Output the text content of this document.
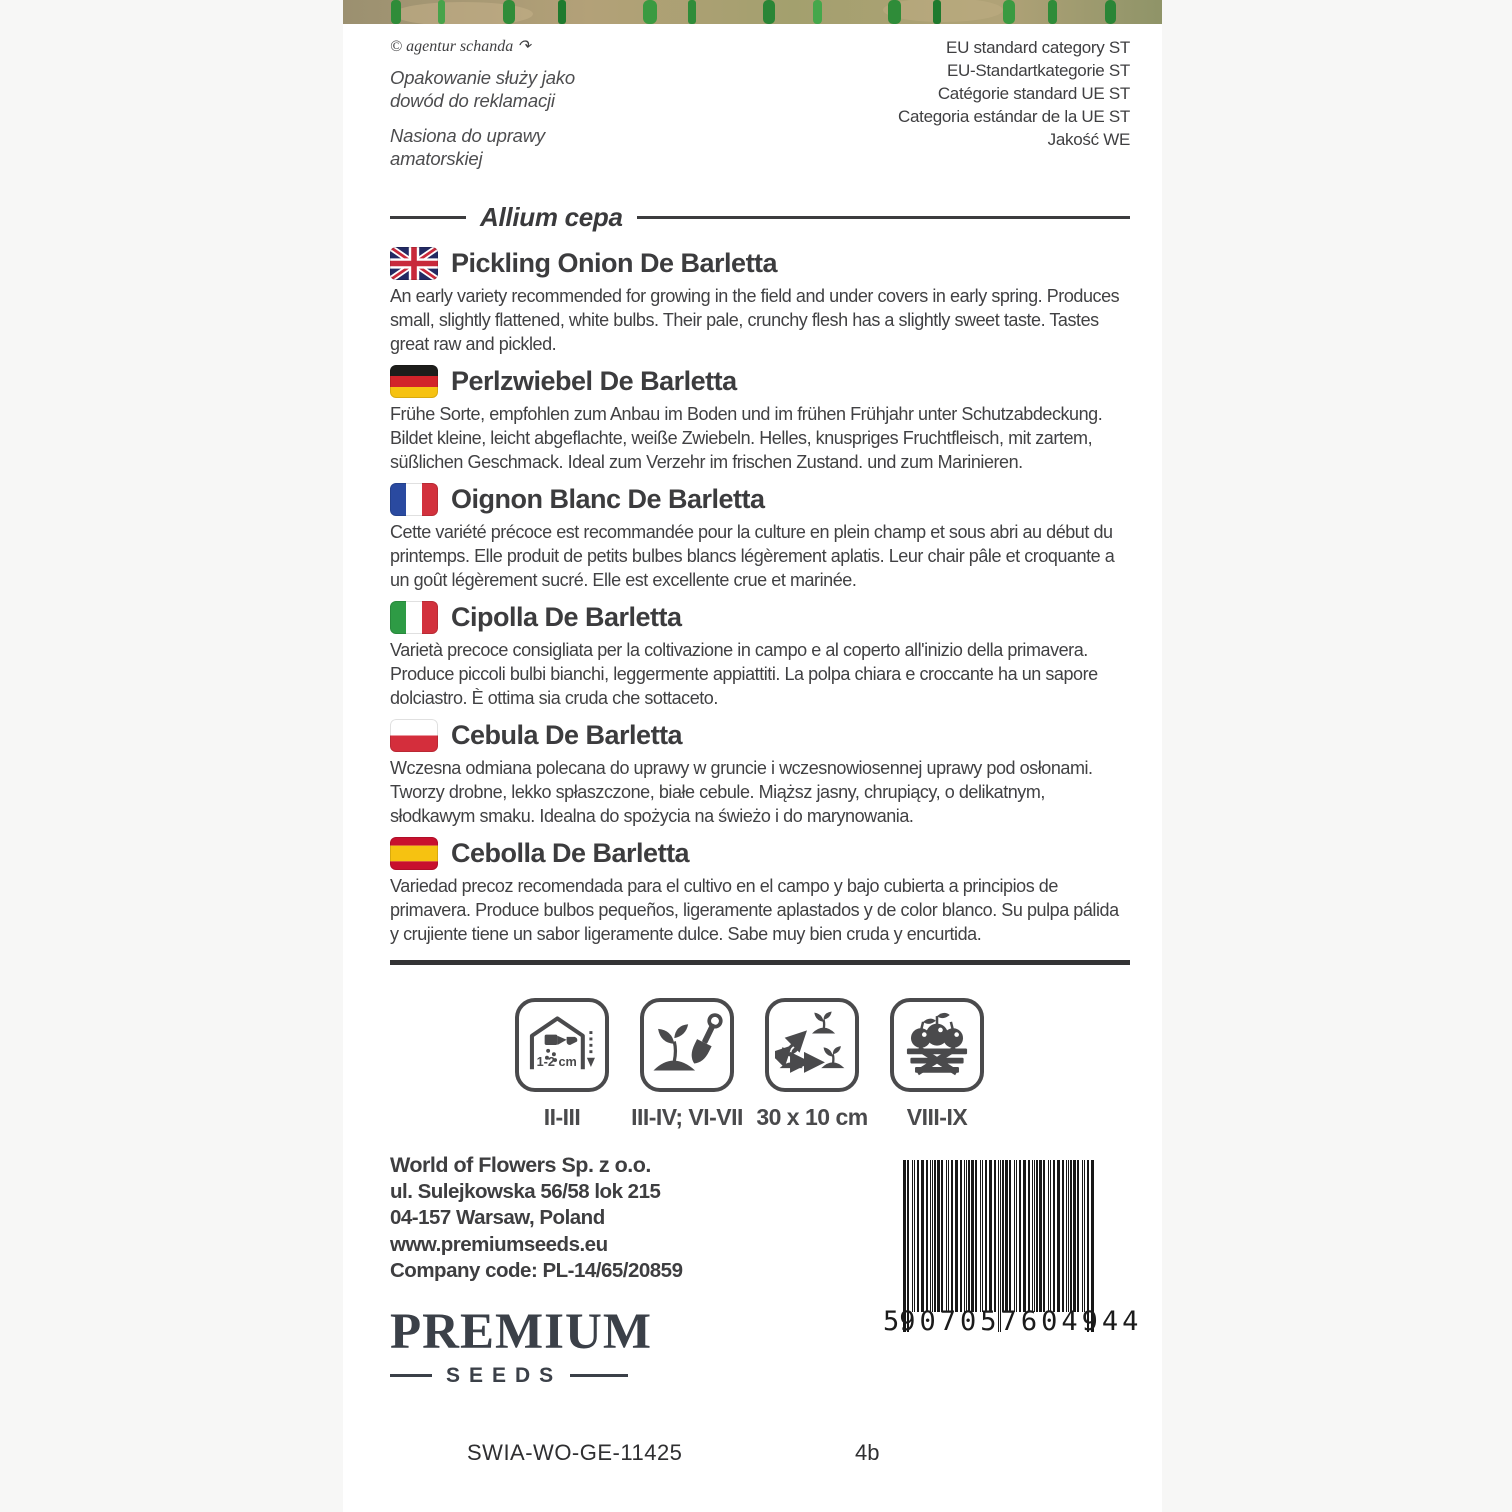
© agentur schanda ↷
Opakowanie służy jako dowód do reklamacji
Nasiona do uprawy amatorskiej
EU standard category ST
EU-Standartkategorie ST
Catégorie standard UE ST
Categoria estándar de la UE ST
Jakość WE
Allium cepa
Pickling Onion De Barletta

An early variety recommended for growing in the field and under covers in early spring. Produces small, slightly flattened, white bulbs. Their pale, crunchy flesh has a slightly sweet taste. Tastes great raw and pickled.

Perlzwiebel De Barletta

Frühe Sorte, empfohlen zum Anbau im Boden und im frühen Frühjahr unter Schutzabdeckung. Bildet kleine, leicht abgeflachte, weiße Zwiebeln. Helles, knuspriges Fruchtfleisch, mit zartem, süßlichen Geschmack. Ideal zum Verzehr im frischen Zustand. und zum Marinieren.

Oignon Blanc De Barletta

Cette variété précoce est recommandée pour la culture en plein champ et sous abri au début du printemps. Elle produit de petits bulbes blancs légèrement aplatis. Leur chair pâle et croquante a un goût légèrement sucré. Elle est excellente crue et marinée.

Cipolla De Barletta

Varietà precoce consigliata per la coltivazione in campo e al coperto all'inizio della primavera. Produce piccoli bulbi bianchi, leggermente appiattiti. La polpa chiara e croccante ha un sapore dolciastro. È ottima sia cruda che sottaceto.

Cebula De Barletta

Wczesna odmiana polecana do uprawy w gruncie i wczesnowiosennej uprawy pod osłonami. Tworzy drobne, lekko spłaszczone, białe cebule. Miąższ jasny, chrupiący, o delikatnym, słodkawym smaku. Idealna do spożycia na świeżo i do marynowania.

Cebolla De Barletta

Variedad precoz recomendada para el cultivo en el campo y bajo cubierta a principios de primavera. Produce bulbos pequeños, ligeramente aplastados y de color blanco. Su pulpa pálida y crujiente tiene un sabor ligeramente dulce. Sabe muy bien cruda y encurtida.

1-2 cm
II-III III-IV; VI-VII 30 x 10 cm VIII-IX
World of Flowers Sp. z o.o.
ul. Sulejkowska 56/58 lok 215
04-157 Warsaw, Poland
www.premiumseeds.eu
Company code: PL-14/65/20859
PREMIUM
SEEDS
5 907057 604944
SWIA-WO-GE-11425	4b
